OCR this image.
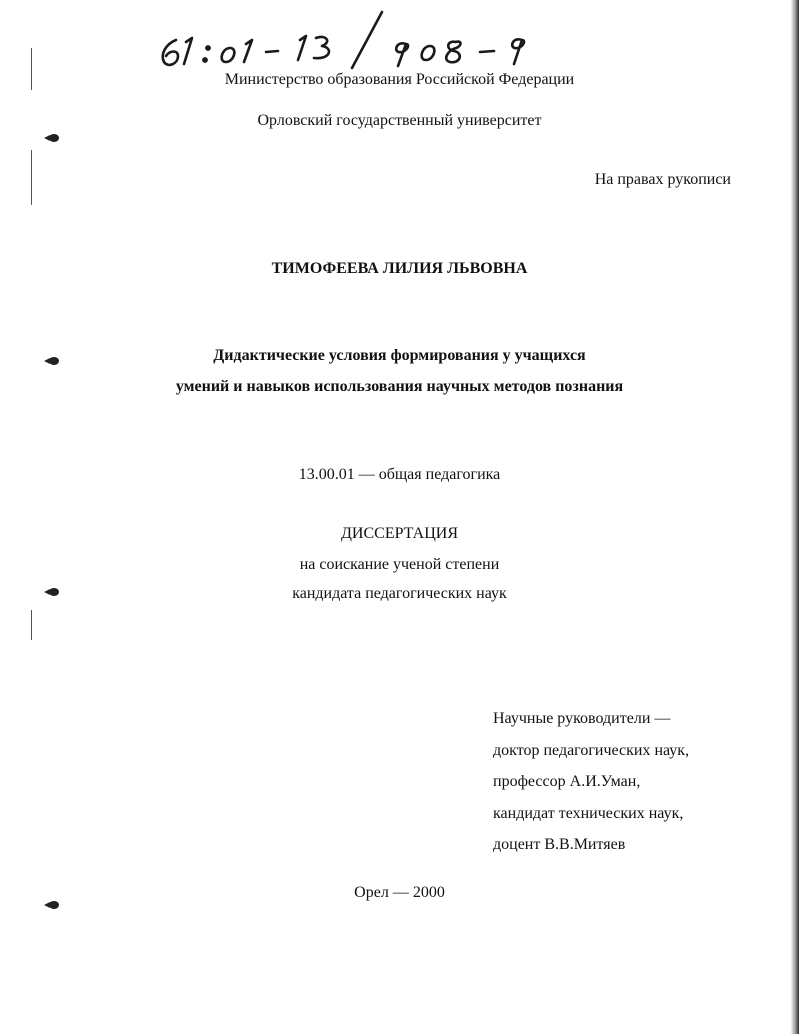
Министерство образования Российской Федерации
Орловский государственный университет
На правах рукописи
ТИМОФЕЕВА ЛИЛИЯ ЛЬВОВНА
Дидактические условия формирования у учащихся
умений и навыков использования научных методов познания
13.00.01 — общая педагогика
ДИССЕРТАЦИЯ
на соискание ученой степени
кандидата педагогических наук
Научные руководители —
доктор педагогических наук,
профессор А.И.Уман,
кандидат технических наук,
доцент В.В.Митяев
Орел — 2000
